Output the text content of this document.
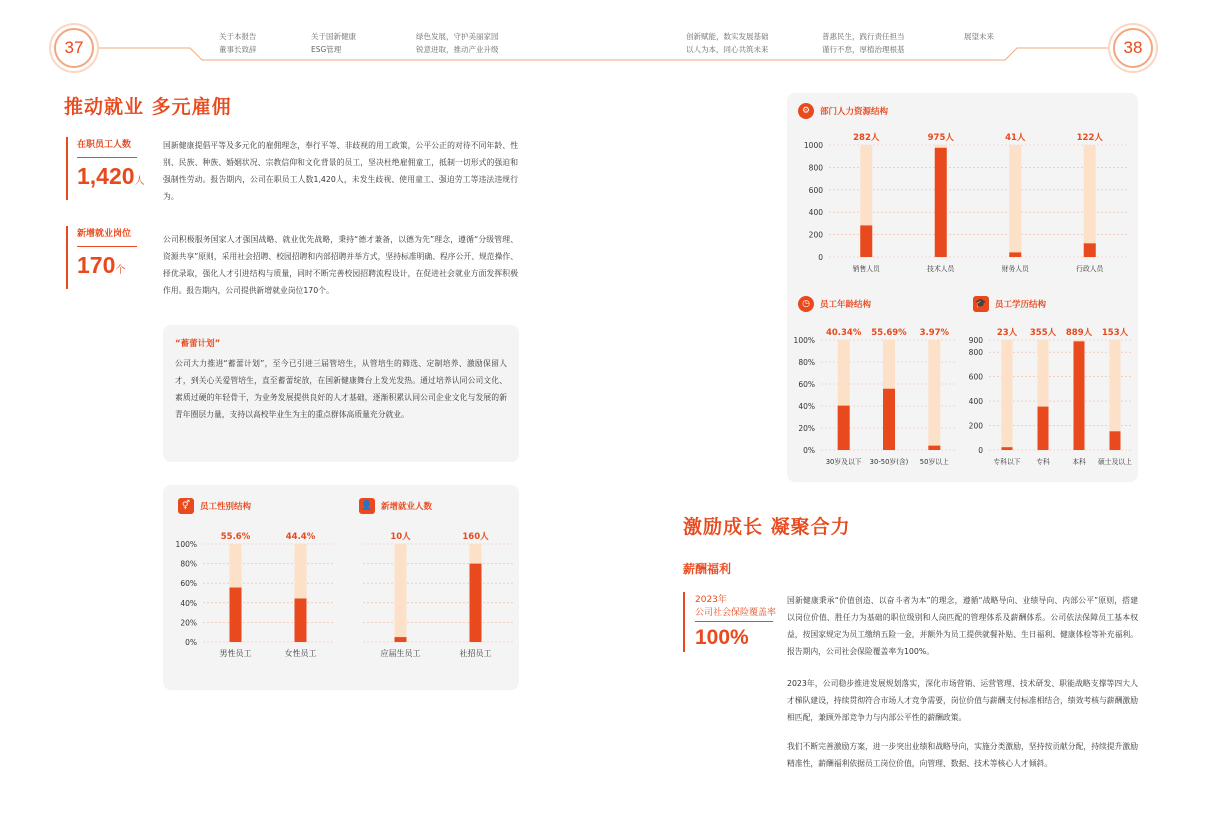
37	38
关于本报告
董事长致辞
关于国新健康
ESG管理
绿色发展，守护美丽家园
锐意进取，推动产业升级
创新赋能，数实发展基础
以人为本，同心共筑未来
普惠民生，践行责任担当
谨行不怠，厚植治理根基
展望未来
推动就业 多元雇佣
在职员工人数
1,420人
新增就业岗位
170个
国新健康提倡平等及多元化的雇佣理念，奉行平等、非歧视的用工政策，公平公正的对待不同年龄、性别、民族、种族、婚姻状况、宗教信仰和文化背景的员工，坚决杜绝雇佣童工，抵制一切形式的强迫和强制性劳动。报告期内，公司在职员工人数1,420人，未发生歧视、使用童工、强迫劳工等违法违规行为。
公司积极服务国家人才强国战略、就业优先战略，秉持“德才兼备，以德为先”理念，遵循“分级管理、资源共享”原则，采用社会招聘、校园招聘和内部招聘并举方式，坚持标准明确、程序公开、规范操作、择优录取，强化人才引进结构与质量，同时不断完善校园招聘流程设计，在促进社会就业方面发挥积极作用。报告期内，公司提供新增就业岗位170个。
“蓄蕾计划”
公司大力推进“蓄蕾计划”，至今已引进三届管培生，从管培生的筛选、定制培养、激励保留人才，到关心关爱管培生，直至蓄蕾绽放，在国新健康舞台上发光发热。通过培养认同公司文化、素质过硬的年轻骨干，为业务发展提供良好的人才基础，逐渐积累认同公司企业文化与发展的新青年圈层力量，支持以高校毕业生为主的重点群体高质量充分就业。
⚥	员工性别结构	👤 新增就业人数
0%
20%
40%
60%
80%
100%
55.6%
男性员工
44.4%
女性员工
10人
应届生员工
160人
社招员工
⚙	部门人力资源结构
0
200
400
600
800
1000
282人
销售人员
975人
技术人员
41人
财务人员
122人
行政人员
◷	员工年龄结构	🎓 员工学历结构
0%
20%
40%
60%
80%
100%
40.34%
30岁及以下
55.69%
30-50岁(含)
3.97%
50岁以上
0
200
400
600
800
900
23人
专科以下
355人
专科
889人
本科
153人
硕士及以上
激励成长 凝聚合力
薪酬福利
2023年
公司社会保险覆盖率
100%
国新健康秉承“价值创造、以奋斗者为本”的理念，遵循“战略导向、业绩导向、内部公平”原则，搭建以岗位价值、胜任力为基础的职位级别和人岗匹配的管理体系及薪酬体系。公司依法保障员工基本权益，按国家规定为员工缴纳五险一金，并额外为员工提供就餐补贴、生日福利、健康体检等补充福利。报告期内，公司社会保险覆盖率为100%。
2023年，公司稳步推进发展规划落实，深化市场营销、运营管理、技术研发、职能战略支撑等四大人才梯队建设，持续贯彻符合市场人才竞争需要，岗位价值与薪酬支付标准相结合，绩效考核与薪酬激励相匹配，兼顾外部竞争力与内部公平性的薪酬政策。
我们不断完善激励方案，进一步突出业绩和战略导向，实施分类激励，坚持按贡献分配，持续提升激励精准性，薪酬福利依据员工岗位价值，向管理、数据、技术等核心人才倾斜。
